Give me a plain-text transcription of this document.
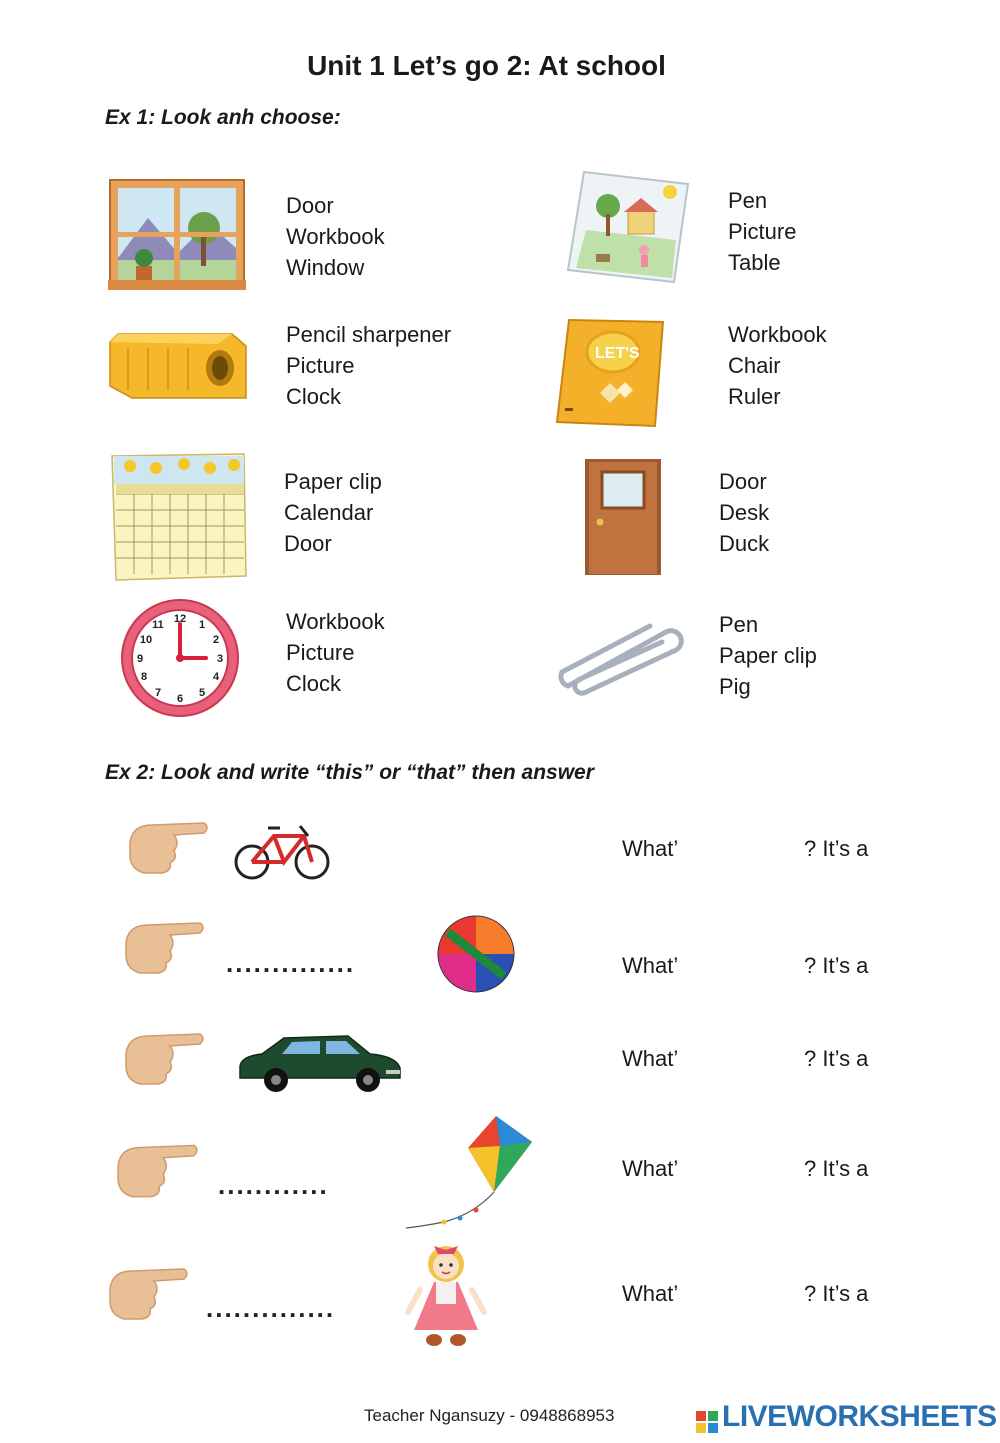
Unit 1 Let’s go 2: At school
Ex 1: Look anh choose:
Door
Workbook
Window
Pen
Picture
Table
Pencil sharpener
Picture
Clock
LET'S
Workbook
Chair
Ruler
Paper clip
Calendar
Door
Door
Desk
Duck
12 1
2
3
4
5
6
7
8
9
10
11	Workbook
Picture
Clock
Pen
Paper clip
Pig
Ex 2: Look and write “this” or “that” then answer
What’	? It’s a
..............	What’	? It’s a
What’	? It’s a
............
What’	? It’s a
..............	What’	? It’s a
Teacher Ngansuzy - 0948868953	LIVEWORKSHEETS
